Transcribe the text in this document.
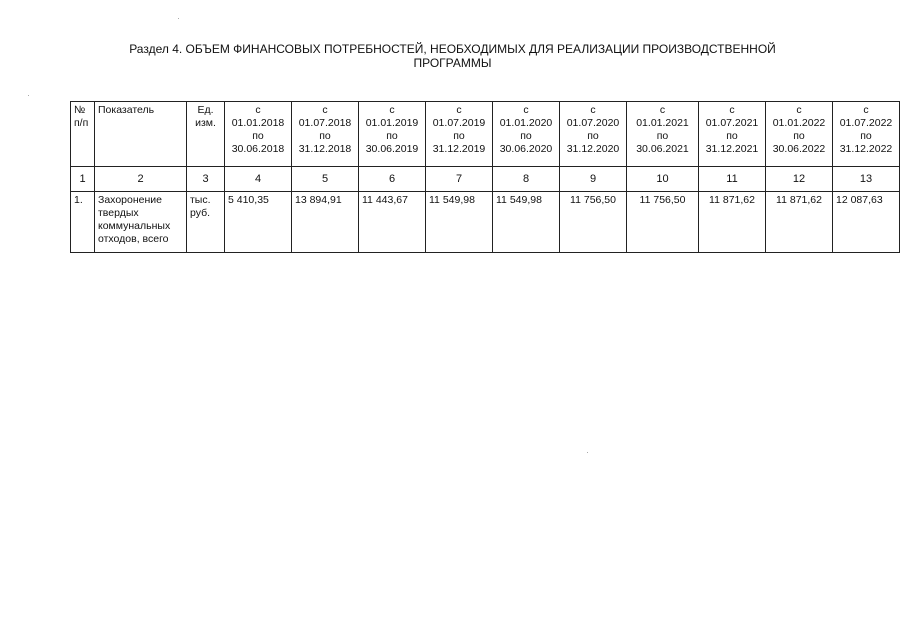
Раздел 4. ОБЪЕМ ФИНАНСОВЫХ ПОТРЕБНОСТЕЙ, НЕОБХОДИМЫХ ДЛЯ РЕАЛИЗАЦИИ ПРОИЗВОДСТВЕННОЙ
ПРОГРАММЫ
№ п/п	Показатель	Ед. изм.	с
01.01.2018
по
30.06.2018	с
01.07.2018
по
31.12.2018	с
01.01.2019
по
30.06.2019	с
01.07.2019
по
31.12.2019	с
01.01.2020
по
30.06.2020	с
01.07.2020
по
31.12.2020	с
01.01.2021
по
30.06.2021	с
01.07.2021
по
31.12.2021	с
01.01.2022
по
30.06.2022	с
01.07.2022
по
31.12.2022

1	2	3	4	5	6	7	8	9	10	11	12	13
1.	Захоронение твердых коммунальных отходов, всего	тыс. руб.	5 410,35	13 894,91	11 443,67	11 549,98	11 549,98	11 756,50	11 756,50	11 871,62	11 871,62	12 087,63
